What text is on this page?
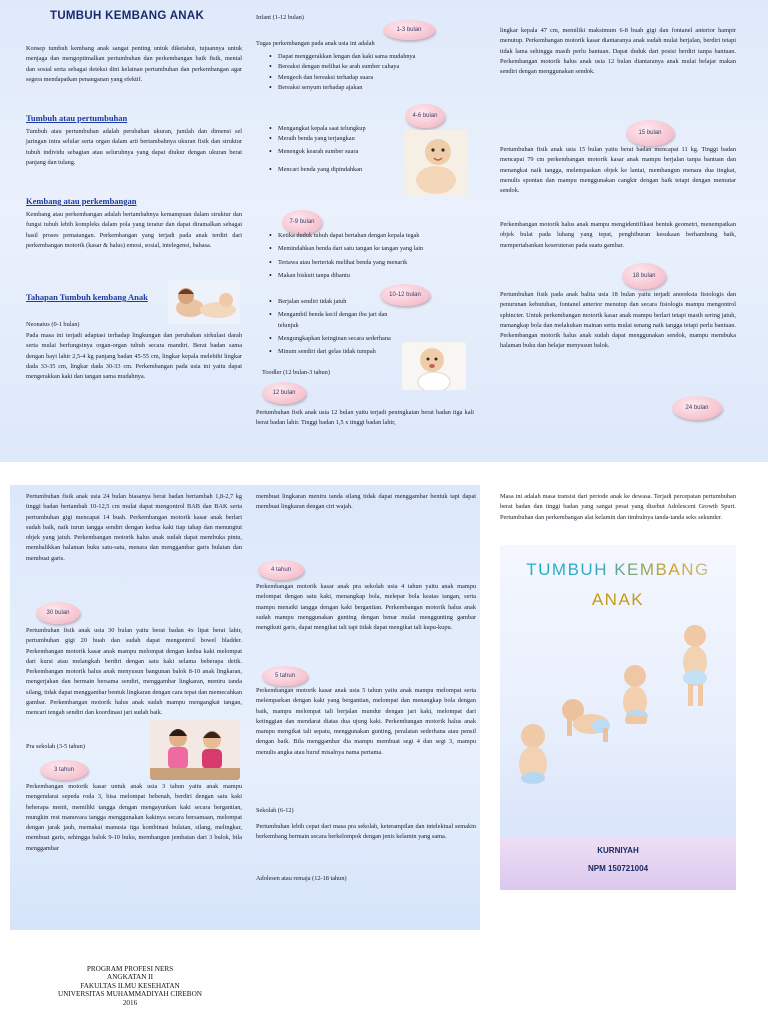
TUMBUH KEMBANG ANAK

Konsep tumbuh kembang anak sangat penting untuk diketahui, tujuannya untuk menjaga dan mengoptimalkan pertumbuhan dan perkembangan baik fisik, mental dan sosial serta sebagai deteksi dini kelainan pertumbuhan dan perkembangan agar segera mendapatkan penanganan yang efektif.

Tumbuh atau pertumbuhan

Tumbuh atau pertumbuhan adalah perubahan ukuran, jumlah dan dimensi sel jaringan intra selular serta organ dalam arti bertambahnya ukuran fisik dan struktur tubuh individu sebagian atau seluruhnya yang dapat diukur dengan ukuran berat panjang dan tulang.

Kembang atau perkembangan

Kembang atau perkembangan adalah bertambahnya kemampuan dalam struktur dan fungsi tubuh lebih kompleks dalam pola yang teratur dan dapat diramalkan sebagai hasil proses pematangan. Perkembangan yang terjadi pada anak terdiri dari perkembangan motorik (kasar & halus) emosi, sosial, intelegensi, bahasa.

Tahapan Tumbuh kembang Anak

Neonatus (0-1 bulan)

Pada masa ini terjadi adaptasi terhadap lingkungan dan perubahan sirkulasi darah serta mulai berfungsinya organ-organ tubuh secara mandiri. Berat badan sama dengan bayi lahir 2,5-4 kg panjang badan 45-55 cm, lingkar kepala melebihi lingkar dada 33-35 cm, lingkar dada 30-33 cm. Perkembangan pada usia ini yaitu dapat mengerakkan kaki dan tangan sama mudahnya.

Infant (1-12 bulan)

1-3 bulan

Tugas perkembangan pada anak usia ini adalah

• Dapat menggerakkan lengan dan kaki sama mudahnya
• Bereaksi dengan melihat ke arah sumber cahaya
• Mengeoh dan bereaksi terhadap suara
• Bereaksi senyum terhadap ajakan
4-6 bulan
• Mengangkat kepala saat telungkup
• Meraih benda yang terjangkau
• Menengok kearah sumber suara
• Mencari benda yang dipindahkan
7-9 bulan
• Ketika duduk tubuh dapat bertahan dengan kepala tegak
• Memindahkan benda dari satu tangan ke tangan yang lain
• Tertawa atau berteriak melihat benda yang menarik
• Makan biskuit tanpa dibantu
10-12 bulan
• Berjalan sendiri tidak jatuh
• Mengambil benda kecil dengan ibu jari dan telunjuk
• Mengungkapkan keinginan secara sederhana
• Minum sendiri dari gelas tidak tumpah

Toodler (12 bulan-3 tahun)

12 bulan

Pertumbuhan fisik anak usia 12 bulan yaitu terjadi peningkatan berat badan tiga kali berat badan lahir. Tinggi badan 1,5 x tinggi badan lahir,

lingkar kepala 47 cm, memiliki maksimum 6-8 buah gigi dan fontanel anterior hampir menutup. Perkembangan motorik kasar diantaranya anak sudah mulai berjalan, berdiri tetapi tidak lama sehingga masih perlu bantuan. Dapat duduk dari posisi berdiri tanpa bantuan. Perkembangan motorik halus anak usia 12 bulan diantaranya anak mulai belajar makan sendiri dengan menggunakan sendok.

15 bulan

Pertumbuhan fisik anak usia 15 bulan yaitu berat badan mencapai 11 kg. Tinggi badan mencapai 79 cm perkembangan motorik kasar anak mampu berjalan tanpa bantuan dan menangkai naik tangga, melempaskan objek ke lantai, membangun menara dua tingkat, menulis spontan dan mampu menggunakan cangkir dengan baik tetapi dengan memutar sendok.

Perkembangan motorik halus anak mampu mengidentifikasi bentuk geometri, menempatkan objek bulat pada lubang yang tepat, penghiburan kesukaan berhambung baik, mempertahankan keseruteran pada suatu gambar.

18 bulan

Pertumbuhan fisik pada anak balita usia 18 bulan yaitu terjadi anoreksia fisiologis dan penurunan kebutuhan, fontanel anterior menutup dan secara fisiologis mampu mengontrol sphincter. Untuk perkembangan motorik kasar anak mampu berlari tetapi masih sering jatuh, menangkap bola dan melakukan mainan serta mulai senang naik tangga tetapi perlu bantuan. Perkembangan motorik halus anak sudah dapat menggunakan sendok, mampu membuka halaman buku dan belajar menyusun balok.

24 bulan

Pertumbuhan fisik anak usia 24 bulan biasanya berat badan bertambah 1,8-2,7 kg tinggi badan bertambah 10-12,5 cm mulai dapat mengontrol BAB dan BAK serta pertumbuhan gigi mencapai 14 buah. Perkembangan motorik kasar anak berlari sudah baik, naik turun tangga sendiri dengan kedua kaki tiap tahap dan menungtut objek yang jatuh. Perkembangan motorik halus anak sudah dapat membuka pintu, membalikkan halaman buku satu-satu, menara dan menggambar garis bulatan dan membuat garis.

30 bulan

Pertumbuhan fisik anak usia 30 bulan yaitu berat badan 4x lipat berat lahir, pertumbuhan gigi 20 buah dan sudah dapat mengontrol bowel bladder. Perkembangan motorik kasar anak mampu melompat dengan kedua kaki melompat dari kursi atau melangkah berdiri dengan satu kaki selama beberapa detik. Perkembangan motorik halus anak menyusun bangunan balok 8-10 anak lingkaran, mengerjakan dan bermain bersama sendiri, menggambar lingkaran, meniru tanda silang, tidak dapat menggambar bentuk lingkaran dengan cara tepat dan memecahkan gambar. Perkembangan motorik halus anak sudah mampu mengangkat tangan, mencari tengah sendiri dan koordinasi jari sudah baik.

Pra sekolah (3-5 tahun)

3 tahun

Perkembangan motorik kasar untuk anak usia 3 tahun yaitu anak mampu mengendarai sepeda roda 3, bisa melompat bebenah, berdiri dengan satu kaki beberapa menit, memiliki tangga dengan mengayunkan kaki secara bergantian, mungkin rest manuvara tangga menggunakan kakinya secara bersamaan, melompat dengan jarak jauh, memakai manusia tiga kombinasi bulatan, silang, melingkar, membuat garis, sehingga balok 9-10 buku, membangun jembatan dari 3 bulok, bila menggambar

membuat lingkaran meniru tanda silang tidak dapat menggambar bentuk tapi dapat membuat lingkaran dengan ciri wajah.

4 tahun

Perkembangan motorik kasar anak pra sekolah usia 4 tahun yaitu anak mampu melompat dengan satu kaki, menangkap bola, melepar bola keatas tangan, serta mampu menaiki tangga dengan kaki bergantian. Perkembangan motorik halus anak sudah mampu menggunakan gunting dengan benar mulai menggunting gambar mengikuti garis, dapat mengikat tali tapi tidak dapat mengikat tali kupu-kupu.

5 tahun

Perkembangan motorik kasar anak usia 5 tahun yaitu anak mampu melompat serta melemparkan dengan kaki yang bergantian, melompat dan menangkap bola dengan baik, mampu melompat tali berjalan mundur dengan jari kaki, melompat dari ketinggian dan mendarat diatas dua ujung kaki. Perkembangan motorik halus anak mampu mengikat tali sepatu, menggunakan gunting, peralatan sederhana atau pensil dengan baik. Bila menggambar dia mampu membuat segi 4 dan segi 3, mampu menulis angka atau huruf misalnya nama pertama.

Sekolah (6-12)

Pertumbuhan lebih cepat dari masa pra sekolah, keterampilan dan intelektual semakin berkembang bermain secara berkelompok dengan jenis kelamin yang sama.

Adolesen atau remaja (12-18 tahun)

Masa ini adalah masa transisi dari periode anak ke dewasa. Terjadi percepatan pertumbuhan berat badan dan tinggi badan yang sangat pesat yang disebut Adolescent Growth Spurt. Pertumbuhan dan perkembangan alat kelamin dan timbulnya tanda-tanda seks sekunder.

TUMBUH KEMBANG
ANAK
KURNIYAH
NPM 150721004
PROGRAM PROFESI NERS
ANGKATAN II
FAKULTAS ILMU KESEHATAN
UNIVERSITAS MUHAMMADIYAH CIREBON
2016
